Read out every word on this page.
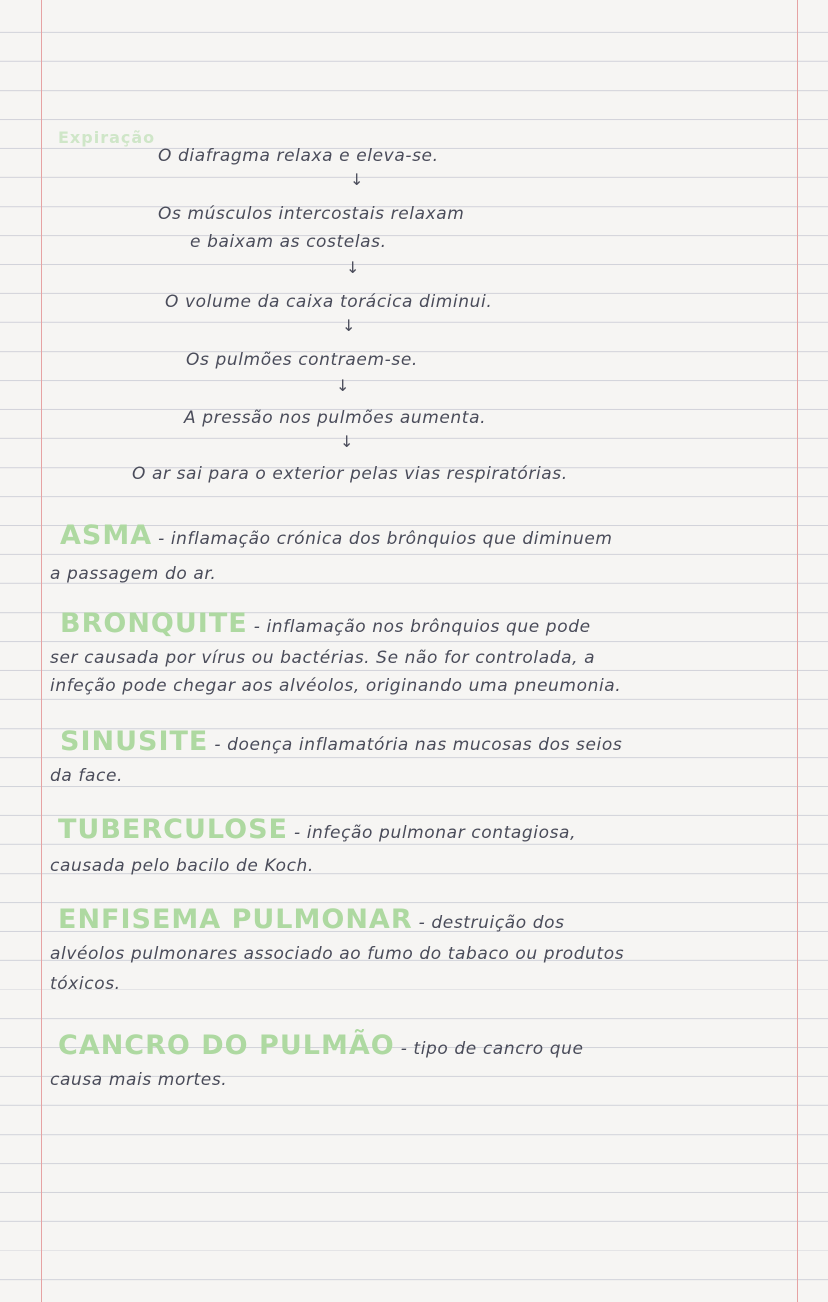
Expiração
O diafragma relaxa e eleva-se.
↓
Os músculos intercostais relaxam
e baixam as costelas.
↓
O volume da caixa torácica diminui.
↓
Os pulmões contraem-se.
↓
A pressão nos pulmões aumenta.
↓
O ar sai para o exterior pelas vias respiratórias.
ASMA - inflamação crónica dos brônquios que diminuem
a passagem do ar.
BRONQUITE - inflamação nos brônquios que pode
ser causada por vírus ou bactérias. Se não for controlada, a
infeção pode chegar aos alvéolos, originando uma pneumonia.
SINUSITE - doença inflamatória nas mucosas dos seios
da face.
TUBERCULOSE - infeção pulmonar contagiosa,
causada pelo bacilo de Koch.
ENFISEMA PULMONAR - destruição dos
alvéolos pulmonares associado ao fumo do tabaco ou produtos
tóxicos.
CANCRO DO PULMÃO - tipo de cancro que
causa mais mortes.
